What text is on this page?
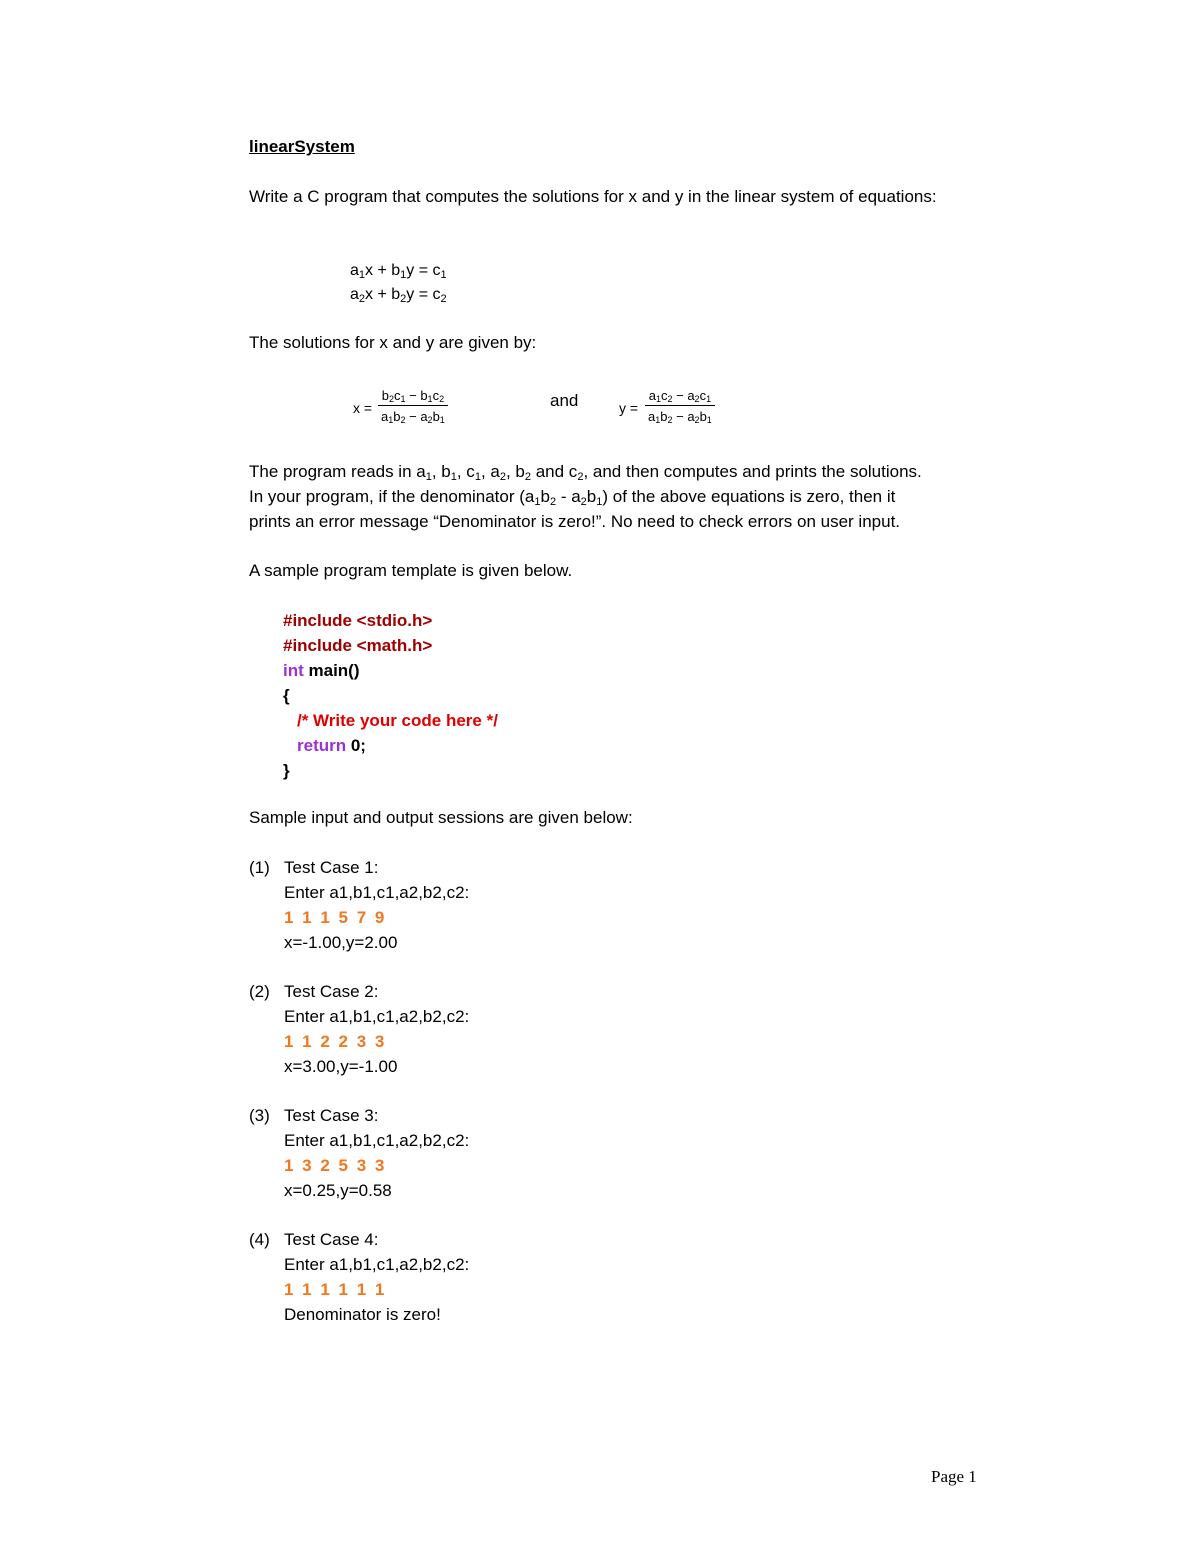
linearSystem
Write a C program that computes the solutions for x and y in the linear system of equations:
$a_1x + b_1y = c_1$
$a_2x + b_2y = c_2$
The solutions for x and y are given by:
$x = \frac{b_2c_1 - b_1c_2}{a_1b_2 - a_2b_1}$	and	$y = \frac{a_1c_2 - a_2c_1}{a_1b_2 - a_2b_1}$
The program reads in $a_1$, $b_1$, $c_1$, $a_2$, $b_2$ and $c_2$, and then computes and prints the solutions.
In your program, if the denominator $(a_1b_2 - a_2b_1)$ of the above equations is zero, then it
prints an error message “Denominator is zero!”. No need to check errors on user input.
A sample program template is given below.
#include <stdio.h>
#include <math.h>
int main()
{
/* Write your code here */
return 0;
}
Sample input and output sessions are given below:
(1) Test Case 1:
Enter a1,b1,c1,a2,b2,c2:
1 1 1 5 7 9
x=-1.00,y=2.00
(2) Test Case 2:
Enter a1,b1,c1,a2,b2,c2:
1 1 2 2 3 3
x=3.00,y=-1.00
(3) Test Case 3:
Enter a1,b1,c1,a2,b2,c2:
1 3 2 5 3 3
x=0.25,y=0.58
(4) Test Case 4:
Enter a1,b1,c1,a2,b2,c2:
1 1 1 1 1 1
Denominator is zero!
Page 1
